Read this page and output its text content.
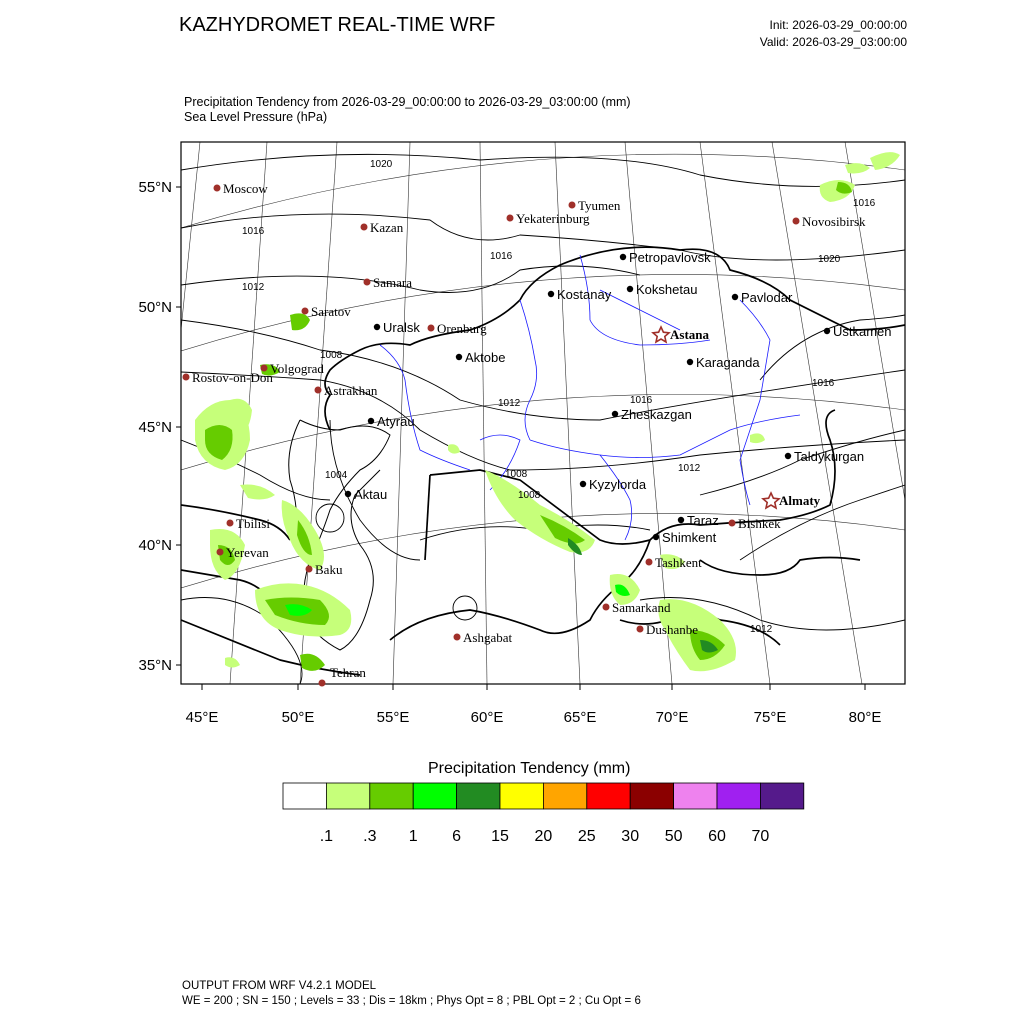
KAZHYDROMET REAL-TIME WRF	Init: 2026-03-29_00:00:00
Valid: 2026-03-29_03:00:00
Precipitation Tendency from 2026-03-29_00:00:00 to 2026-03-29_03:00:00 (mm)
Sea Level Pressure (hPa)
55°N
50°N
45°N
40°N
35°N
45°E	50°E	55°E	60°E	65°E	70°E	75°E	80°E
1020
1020
1016
1016
1016
1016
1016
1012
1012
1012
1012
1008
1008
1008
1004
Moscow
Kazan
Samara
Saratov
Volgograd
Rostov-on-Don
Astrakhan
Orenburg
Tyumen
Yekaterinburg	Novosibirsk
Tbilisi
Yerevan
Baku
Ashgabat
Tehran
Tashkent
Samarkand
Dushanbe
Bishkek
Petropavlovsk
Kostanay Kokshetau
Pavlodar
Uralsk
Aktobe
Ustkamen
Karaganda
Atyrau	Zheskazgan
Taldykurgan
Kyzylorda
Aktau
Taraz
Shimkent
Astana
Almaty
.1 .3 1 6 15 20 25 30 50 60 70
Precipitation Tendency (mm)
OUTPUT FROM WRF V4.2.1 MODEL
WE = 200 ; SN = 150 ; Levels = 33 ; Dis = 18km ; Phys Opt = 8 ; PBL Opt = 2 ; Cu Opt = 6
